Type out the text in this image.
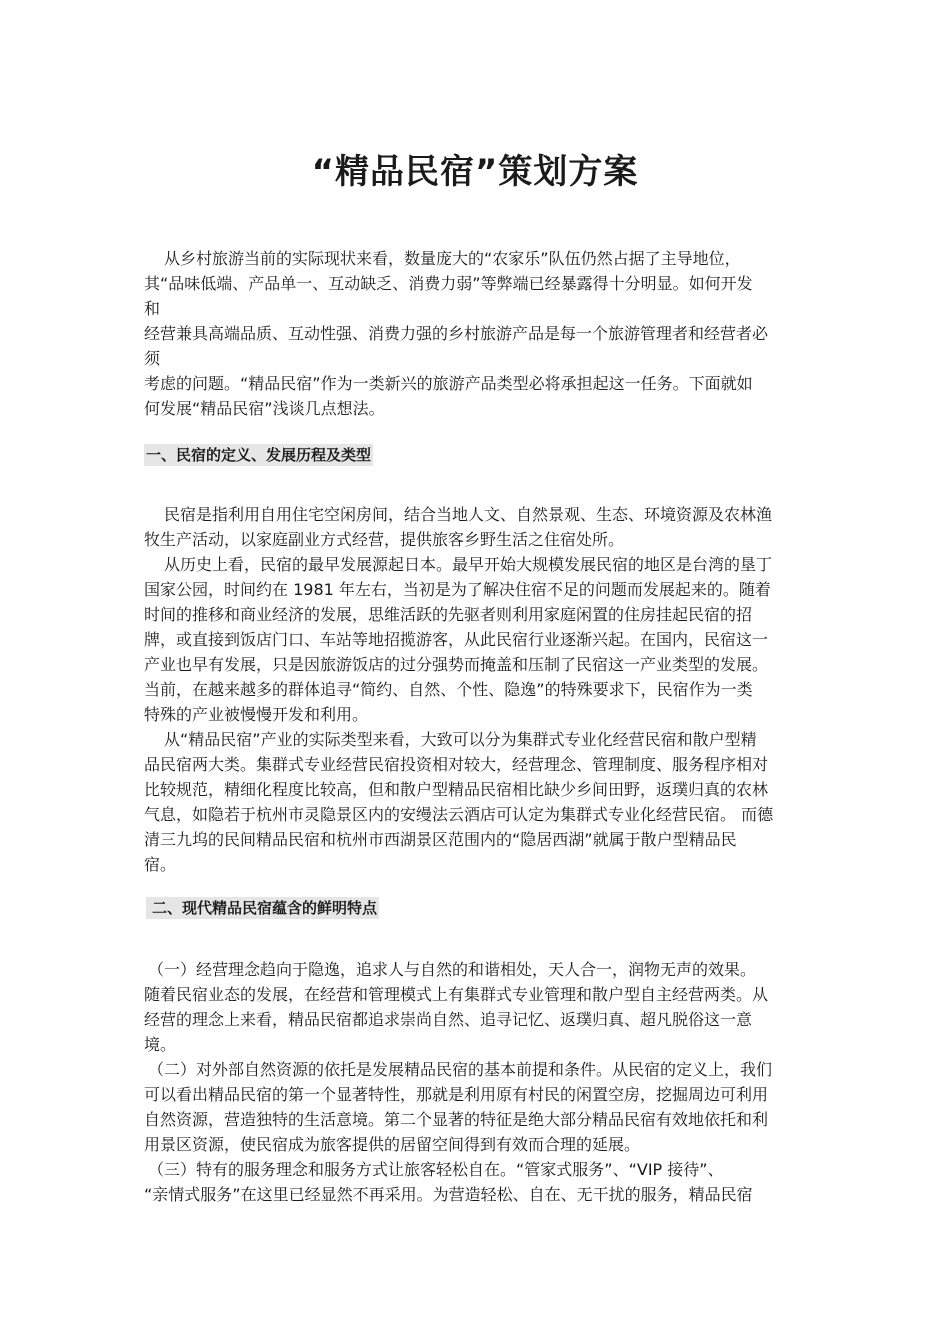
“精品民宿”策划方案
从乡村旅游当前的实际现状来看，数量庞大的“农家乐”队伍仍然占据了主导地位，
其“品味低端、产品单一、互动缺乏、消费力弱”等弊端已经暴露得十分明显。如何开发
和
经营兼具高端品质、互动性强、消费力强的乡村旅游产品是每一个旅游管理者和经营者必
须
考虑的问题。“精品民宿”作为一类新兴的旅游产品类型必将承担起这一任务。下面就如
何发展“精品民宿”浅谈几点想法。
一、民宿的定义、发展历程及类型
民宿是指利用自用住宅空闲房间，结合当地人文、自然景观、生态、环境资源及农林渔
牧生产活动，以家庭副业方式经营，提供旅客乡野生活之住宿处所。
从历史上看，民宿的最早发展源起日本。最早开始大规模发展民宿的地区是台湾的垦丁
国家公园，时间约在 1981 年左右，当初是为了解决住宿不足的问题而发展起来的。随着
时间的推移和商业经济的发展，思维活跃的先驱者则利用家庭闲置的住房挂起民宿的招
牌，或直接到饭店门口、车站等地招揽游客，从此民宿行业逐渐兴起。在国内，民宿这一
产业也早有发展，只是因旅游饭店的过分强势而掩盖和压制了民宿这一产业类型的发展。
当前，在越来越多的群体追寻“简约、自然、个性、隐逸”的特殊要求下，民宿作为一类
特殊的产业被慢慢开发和利用。
从“精品民宿”产业的实际类型来看，大致可以分为集群式专业化经营民宿和散户型精
品民宿两大类。集群式专业经营民宿投资相对较大，经营理念、管理制度、服务程序相对
比较规范，精细化程度比较高，但和散户型精品民宿相比缺少乡间田野，返璞归真的农林
气息，如隐若于杭州市灵隐景区内的安缦法云酒店可认定为集群式专业化经营民宿。 而德
清三九坞的民间精品民宿和杭州市西湖景区范围内的“隐居西湖”就属于散户型精品民
宿。
二、现代精品民宿蕴含的鲜明特点
（一）经营理念趋向于隐逸，追求人与自然的和谐相处，天人合一，润物无声的效果。
随着民宿业态的发展，在经营和管理模式上有集群式专业管理和散户型自主经营两类。从
经营的理念上来看，精品民宿都追求崇尚自然、追寻记忆、返璞归真、超凡脱俗这一意
境。
（二）对外部自然资源的依托是发展精品民宿的基本前提和条件。从民宿的定义上，我们
可以看出精品民宿的第一个显著特性，那就是利用原有村民的闲置空房，挖掘周边可利用
自然资源，营造独特的生活意境。第二个显著的特征是绝大部分精品民宿有效地依托和利
用景区资源，使民宿成为旅客提供的居留空间得到有效而合理的延展。
（三）特有的服务理念和服务方式让旅客轻松自在。“管家式服务”、“VIP 接待”、
“亲情式服务”在这里已经显然不再采用。为营造轻松、自在、无干扰的服务，精品民宿
